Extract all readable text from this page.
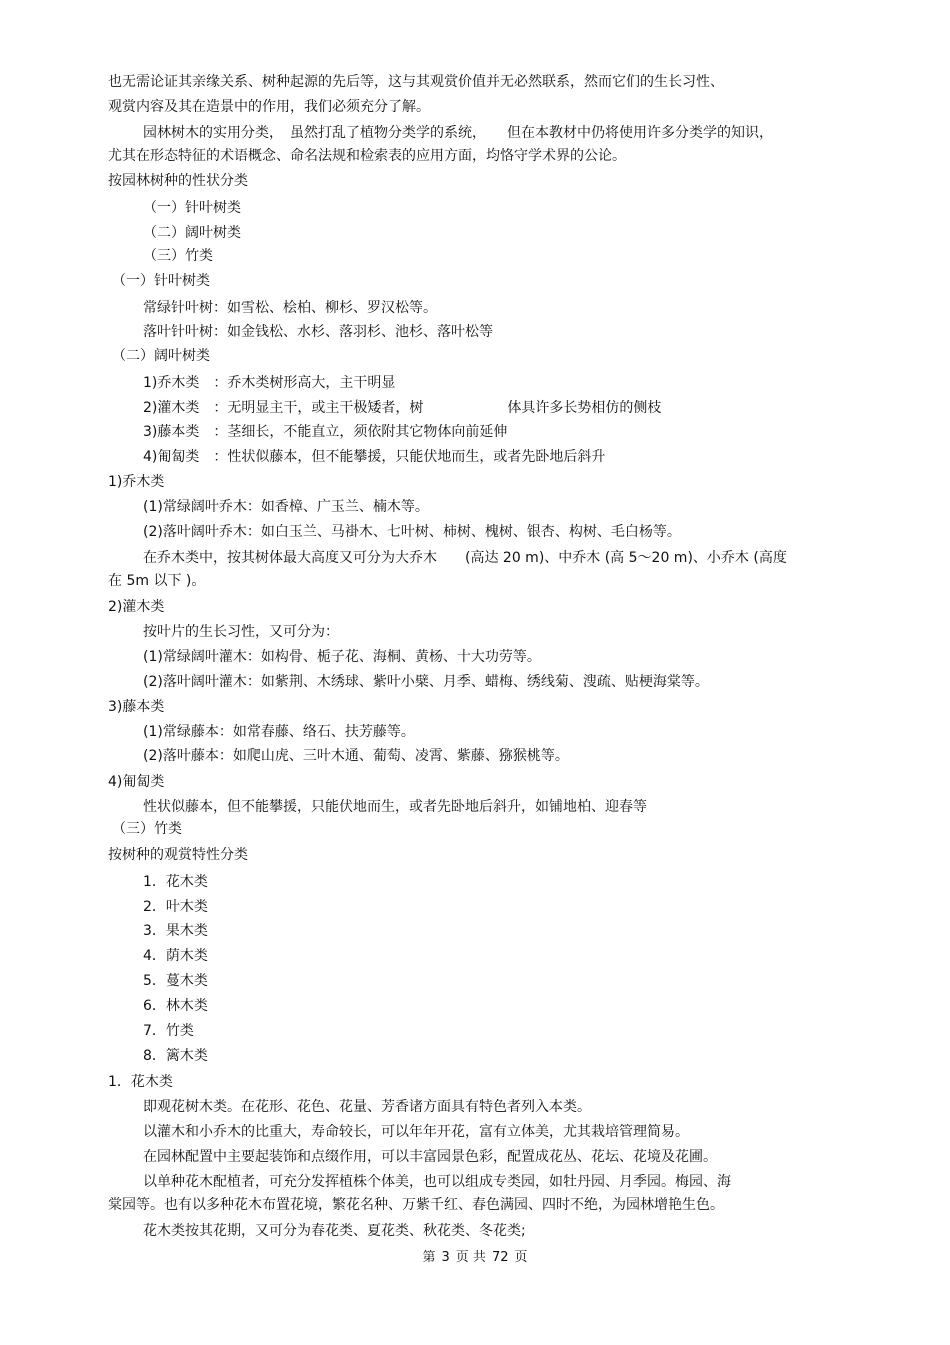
也无需论证其亲缘关系、树种起源的先后等，这与其观赏价值并无必然联系，然而它们的生长习性、
观赏内容及其在造景中的作用，我们必须充分了解。
园林树木的实用分类，　虽然打乱了植物分类学的系统，　　但在本教材中仍将使用许多分类学的知识，
尤其在形态特征的术语概念、命名法规和检索表的应用方面，均恪守学术界的公论。
按园林树种的性状分类
（一）针叶树类
（二）阔叶树类
（三）竹类
（一）针叶树类
常绿针叶树：如雪松、桧柏、柳杉、罗汉松等。
落叶针叶树：如金钱松、水杉、落羽杉、池杉、落叶松等
（二）阔叶树类
1)乔木类　：乔木类树形高大，主干明显
2)灌木类　：无明显主干，或主干极矮者，树　　　　　　体具许多长势相仿的侧枝
3)藤本类　：茎细长，不能直立，须依附其它物体向前延伸
4)匍匐类　：性状似藤本，但不能攀援，只能伏地而生，或者先卧地后斜升
1)乔木类
(1)常绿阔叶乔木：如香樟、广玉兰、楠木等。
(2)落叶阔叶乔木：如白玉兰、马褂木、七叶树、柿树、槐树、银杏、构树、毛白杨等。
在乔木类中，按其树体最大高度又可分为大乔木　　(高达 20 m)、中乔木 (高 5～20 m)、小乔木 (高度
在 5m 以下 )。
2)灌木类
按叶片的生长习性，又可分为：
(1)常绿阔叶灌木：如构骨、栀子花、海桐、黄杨、十大功劳等。
(2)落叶阔叶灌木：如紫荆、木绣球、紫叶小檗、月季、蜡梅、绣线菊、溲疏、贴梗海棠等。
3)藤本类
(1)常绿藤本：如常春藤、络石、扶芳藤等。
(2)落叶藤本：如爬山虎、三叶木通、葡萄、凌霄、紫藤、猕猴桃等。
4)匍匐类
性状似藤本，但不能攀援，只能伏地而生，或者先卧地后斜升，如铺地柏、迎春等
（三）竹类
按树种的观赏特性分类
1．花木类
2．叶木类
3．果木类
4．荫木类
5．蔓木类
6．林木类
7．竹类
8．篱木类
1．花木类
即观花树木类。在花形、花色、花量、芳香诸方面具有特色者列入本类。
以灌木和小乔木的比重大，寿命较长，可以年年开花，富有立体美，尤其栽培管理简易。
在园林配置中主要起装饰和点缀作用，可以丰富园景色彩，配置成花丛、花坛、花境及花圃。
以单种花木配植者，可充分发挥植株个体美，也可以组成专类园，如牡丹园、月季园。梅园、海
棠园等。也有以多种花木布置花境，繁花名种、万紫千红、春色满园、四时不绝，为园林增艳生色。
花木类按其花期，又可分为春花类、夏花类、秋花类、冬花类;
第 3 页 共 72 页
